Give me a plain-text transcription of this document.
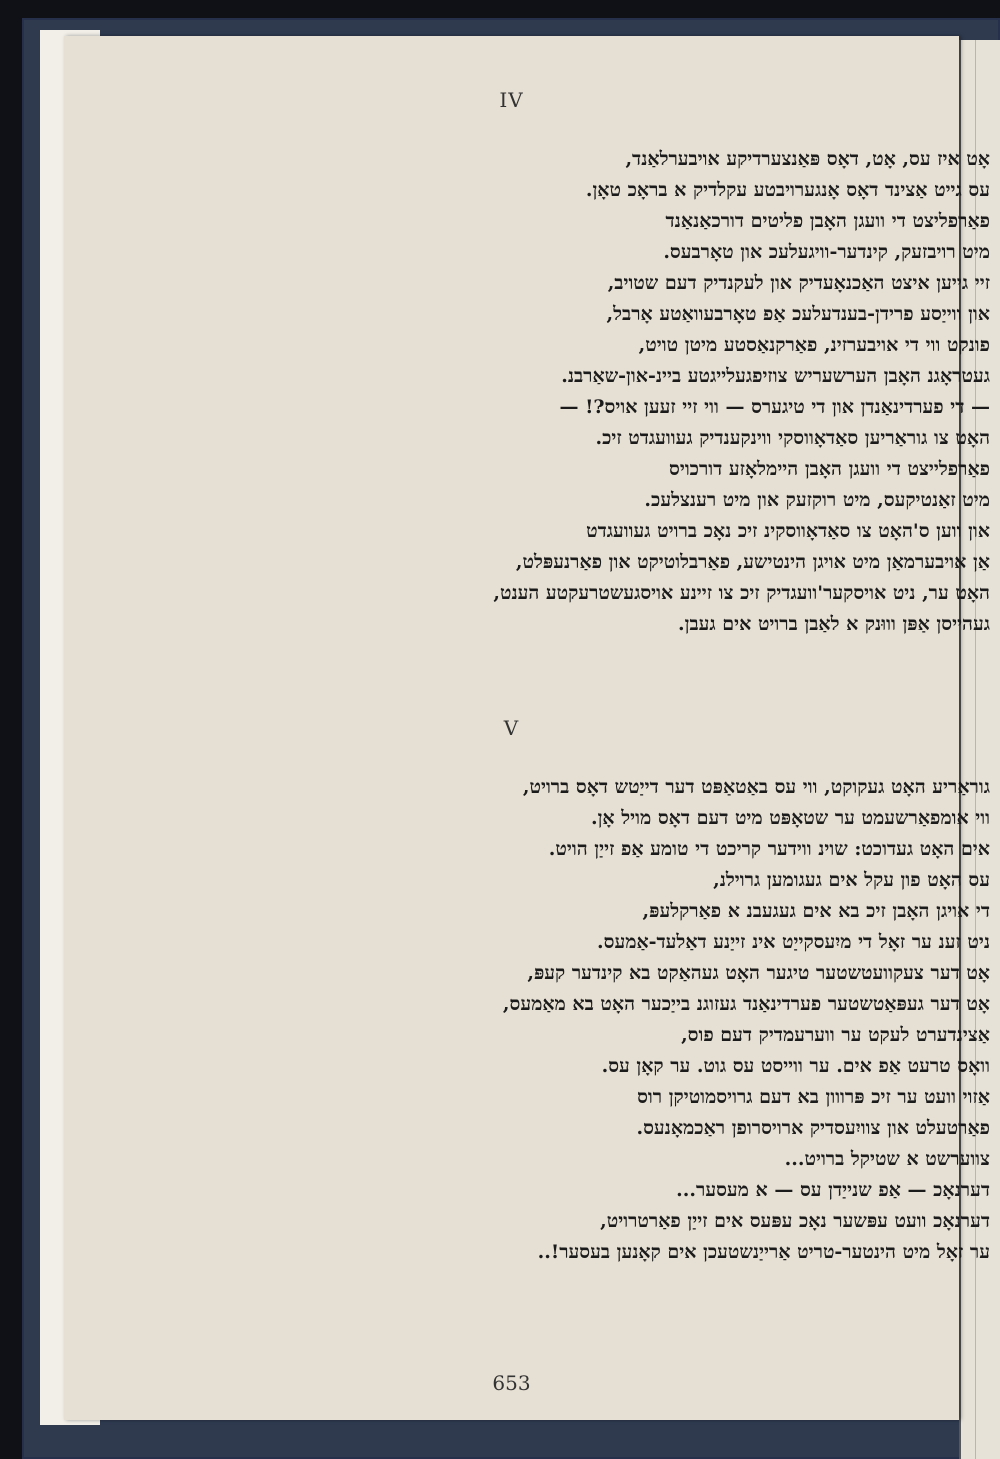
IV
אָט איז עס, אָט, דאָס פּאַנצערדיקע אויבערלאַנד,
עס גייט אַצינד דאָס אָנגערויבטע עקלדיק א בראָכ טאָן.
פאַרפליצט די וועגן האָבן פליטים דורכאַנאַנד
מיט רויבזעק, קינדער-וויגעלעכ און טאָרבעס.
זיי גייען איצט האַכנאָעדיק און לעקנדיק דעם שטויב,
און ווייַסע פרידן-בענדעלעכ אַפ טאָרבעוואַטע אָרבל,
פונקט ווי די אויבערזינ, פאַרקנאַסטע מיטן טויט,
געטראָגנ האָבן הערשעריש צוזיפגעלייגטע ביינ-און-שאַרבנ.
— די פערדינאַנדן און די טיגערס — ווי זיי זעען אויס?! —
האָט צו גוראַריען סאַדאָווסקי ווינקענדיק געוועגדט זיכ.
פאַרפלייצט די וועגן האָבן היימלאָזע דורכויס
מיט זאַנטיקעס, מיט רוקזעק און מיט רענצלעכ.
און ווען ס'האָט צו סאַדאָווסקינ זיכ נאָכ ברויט געוועגדט
אַן אויבערמאַן מיט אויגן הינטישע, פאַרבלוטיקט און פאַרנעפּלט,
האָט ער, ניט אויסקער'וועגדיק זיכ צו זיינע אויסגעשטרעקטע הענט,
געהייסן אַפּן וווּנק א לאַבן ברויט אים געבן.
V
גוראַריע האָט געקוקט, ווי עס באַטאַפּט דער דייַטש דאָס ברויט,
ווי אומפאַרשעמט ער שטאָפּט מיט דעם דאָס מויל אָן.
אים האָט געדוכט: שוינ ווידער קריכט די טומע אַפ זייַן הויט.
עס האָט פון עקל אים געגומען גרוילנ,
די אויגן האָבן זיכ בא אים געגעבנ א פאַרקלעפּ,
ניט זענ ער זאָל די מיִעסקייַט אינ זייַנע דאַלעד-אַמעס.
אָט דער צעקוועטשטער טיגער האָט געהאַקט בא קינדער קעפּ,
אָט דער געפּאַטשטער פערדינאַנד געזוגנ בייַכער האָט בא מאַמעס,
אַצינדערט לעקט ער ווערעמדיק דעם פוס,
וואָס טרעט אַפ אים. ער ווייסט עס גוט. ער קאָן עס.
אַזוי וועט ער זיכ פּרווון בא דעם גרויסמוטיקן רוס
פאַרטעלט און צוויִעסדיק ארויסרופן ראַכמאָנעס.
צווערשט א שטיקל ברויט...
דערנאָכ — אַפ שנייַדן עס — א מעסער...
דערנאָכ וועט עפּשער נאָכ עפּעס אים זייַן פאַרטרויט,
ער זאָל מיט הינטער-טריט אַרייַנשטעכן אים קאָנען בעסער!..
653
